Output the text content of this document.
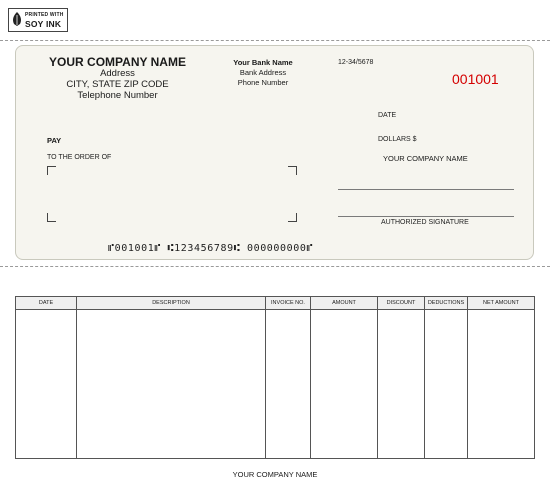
PRINTED WITH
SOY INK
YOUR COMPANY NAME
Address
CITY, STATE ZIP CODE
Telephone Number
Your Bank Name
Bank Address
Phone Number
12-34/5678
001001
DATE
PAY	DOLLARS $
TO THE ORDER OF	YOUR COMPANY NAME
AUTHORIZED SIGNATURE
⑈001001⑈ ⑆123456789⑆ 000000000⑈
DATE	DESCRIPTION	INVOICE NO.	AMOUNT	DISCOUNT	DEDUCTIONS	NET AMOUNT

YOUR COMPANY NAME
